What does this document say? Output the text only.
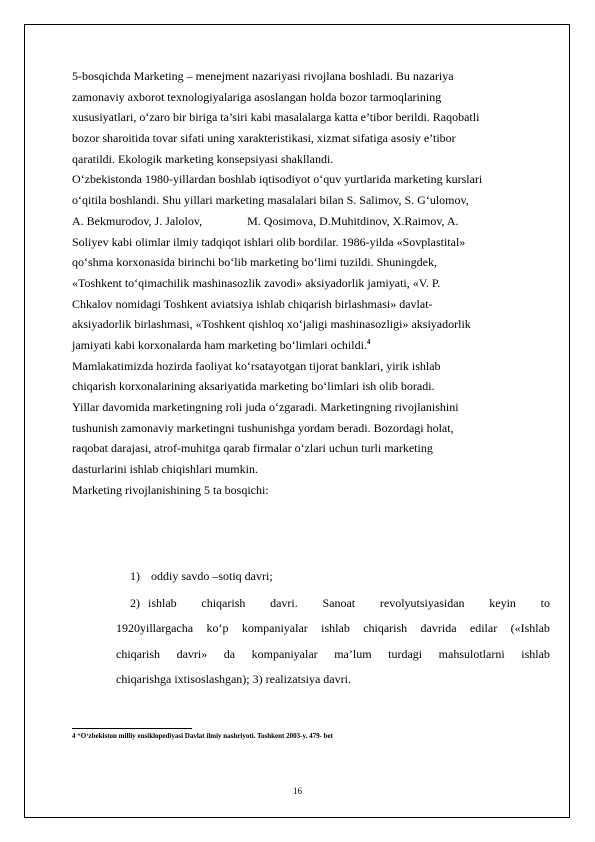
5-bosqichda Marketing – menejment nazariyasi rivojlana boshladi. Bu nazariya
zamonaviy axborot texnologiyalariga asoslangan holda bozor tarmoqlarining
xususiyatlari, o‘zaro bir biriga ta’siri kabi masalalarga katta e’tibor berildi. Raqobatli
bozor sharoitida tovar sifati uning xarakteristikasi, xizmat sifatiga asosiy e’tibor
qaratildi. Ekologik marketing konsepsiyasi shakllandi.
O‘zbekistonda 1980-yillardan boshlab iqtisodiyot o‘quv yurtlarida marketing kurslari
o‘qitila boshlandi. Shu yillari marketing masalalari bilan S. Salimov, S. G‘ulomov,
A. Bekmurodov, J. Jalolov,               M. Qosimova, D.Muhitdinov, X.Raimov, A.
Soliyev kabi olimlar ilmiy tadqiqot ishlari olib bordilar. 1986-yilda «Sovplastital»
qo‘shma korxonasida birinchi bo‘lib marketing bo‘limi tuzildi. Shuningdek,
«Toshkent to‘qimachilik mashinasozlik zavodi» aksiyadorlik jamiyati, «V. P.
Chkalov nomidagi Toshkent aviatsiya ishlab chiqarish birlashmasi» davlat-
aksiyadorlik birlashmasi, «Toshkent qishloq xo‘jaligi mashinasozligi» aksiyadorlik
jamiyati kabi korxonalarda ham marketing bo‘limlari ochildi.$^4$
Mamlakatimizda hozirda faoliyat ko‘rsatayotgan tijorat banklari, yirik ishlab
chiqarish korxonalarining aksariyatida marketing bo‘limlari ish olib boradi.
Yillar davomida marketingning roli juda o‘zgaradi. Marketingning rivojlanishini
tushunish zamonaviy marketingni tushunishga yordam beradi. Bozordagi holat,
raqobat darajasi, atrof-muhitga qarab firmalar o‘zlari uchun turli marketing
dasturlarini ishlab chiqishlari mumkin.
Marketing rivojlanishining 5 ta bosqichi:
1) oddiy savdo –sotiq davri;
2) ishlab chiqarish davri. Sanoat revolyutsiyasidan keyin to
1920yillargacha ko‘p kompaniyalar ishlab chiqarish davrida edilar («Ishlab
chiqarish davri» da kompaniyalar ma’lum turdagi mahsulotlarni ishlab
chiqarishga ixtisoslashgan); 3) realizatsiya davri.
4 “O‘zbekiston milliy ensiklopediyasi Davlat ilmiy nashriyoti. Toshkent 2003-y. 479- bet
16
